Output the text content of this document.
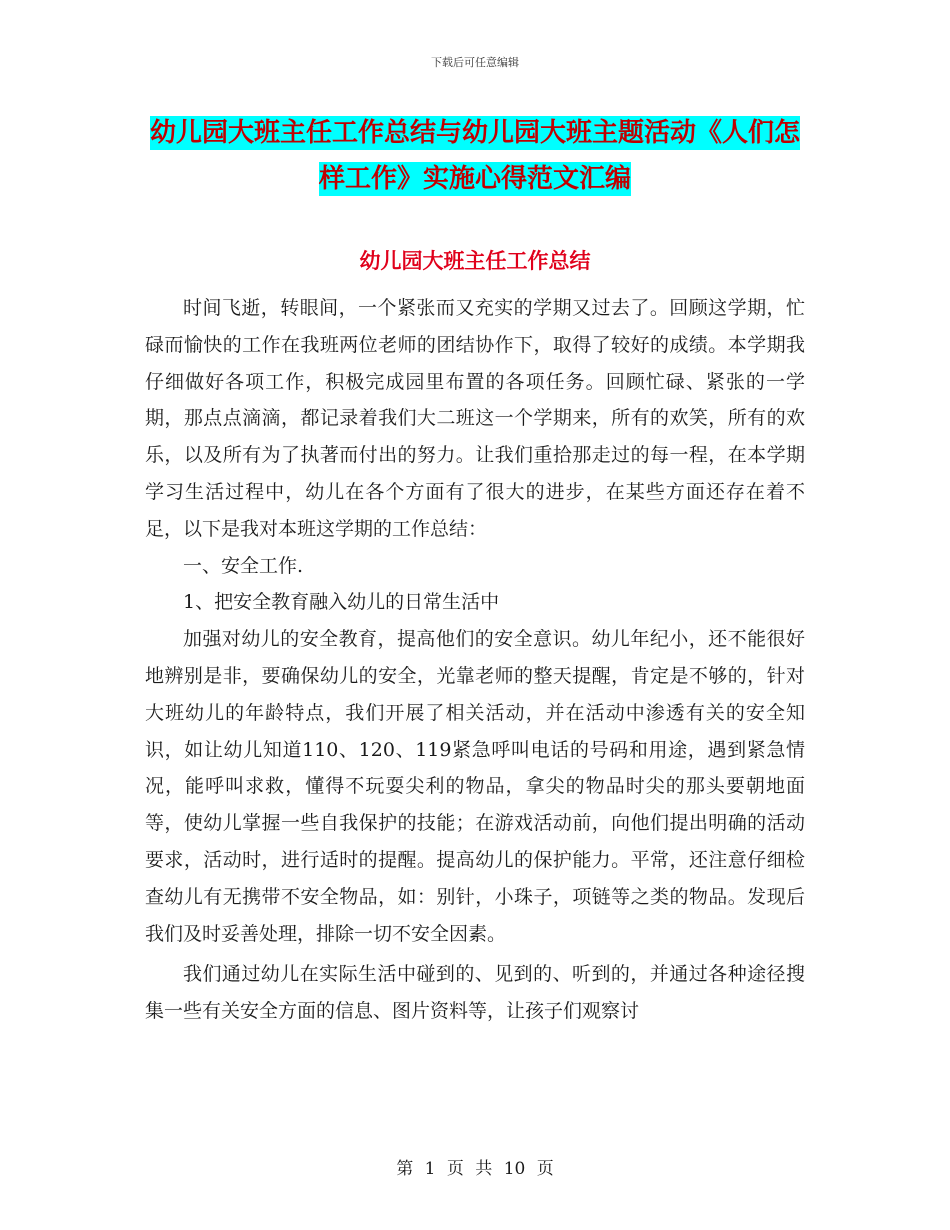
下载后可任意编辑
幼儿园大班主任工作总结与幼儿园大班主题活动《人们怎样工作》实施心得范文汇编
幼儿园大班主任工作总结

时间飞逝，转眼间，一个紧张而又充实的学期又过去了。回顾这学期，忙碌而愉快的工作在我班两位老师的团结协作下，取得了较好的成绩。本学期我仔细做好各项工作，积极完成园里布置的各项任务。回顾忙碌、紧张的一学期，那点点滴滴，都记录着我们大二班这一个学期来，所有的欢笑，所有的欢乐，以及所有为了执著而付出的努力。让我们重拾那走过的每一程，在本学期学习生活过程中，幼儿在各个方面有了很大的进步，在某些方面还存在着不足，以下是我对本班这学期的工作总结：

一、安全工作.

1、把安全教育融入幼儿的日常生活中

加强对幼儿的安全教育，提高他们的安全意识。幼儿年纪小，还不能很好地辨别是非，要确保幼儿的安全，光靠老师的整天提醒，肯定是不够的，针对大班幼儿的年龄特点，我们开展了相关活动，并在活动中渗透有关的安全知识，如让幼儿知道110、120、119紧急呼叫电话的号码和用途，遇到紧急情况，能呼叫求救，懂得不玩耍尖利的物品，拿尖的物品时尖的那头要朝地面等，使幼儿掌握一些自我保护的技能；在游戏活动前，向他们提出明确的活动要求，活动时，进行适时的提醒。提高幼儿的保护能力。平常，还注意仔细检查幼儿有无携带不安全物品，如：别针，小珠子，项链等之类的物品。发现后我们及时妥善处理，排除一切不安全因素。

我们通过幼儿在实际生活中碰到的、见到的、听到的，并通过各种途径搜集一些有关安全方面的信息、图片资料等，让孩子们观察讨

第 1 页 共 10 页
